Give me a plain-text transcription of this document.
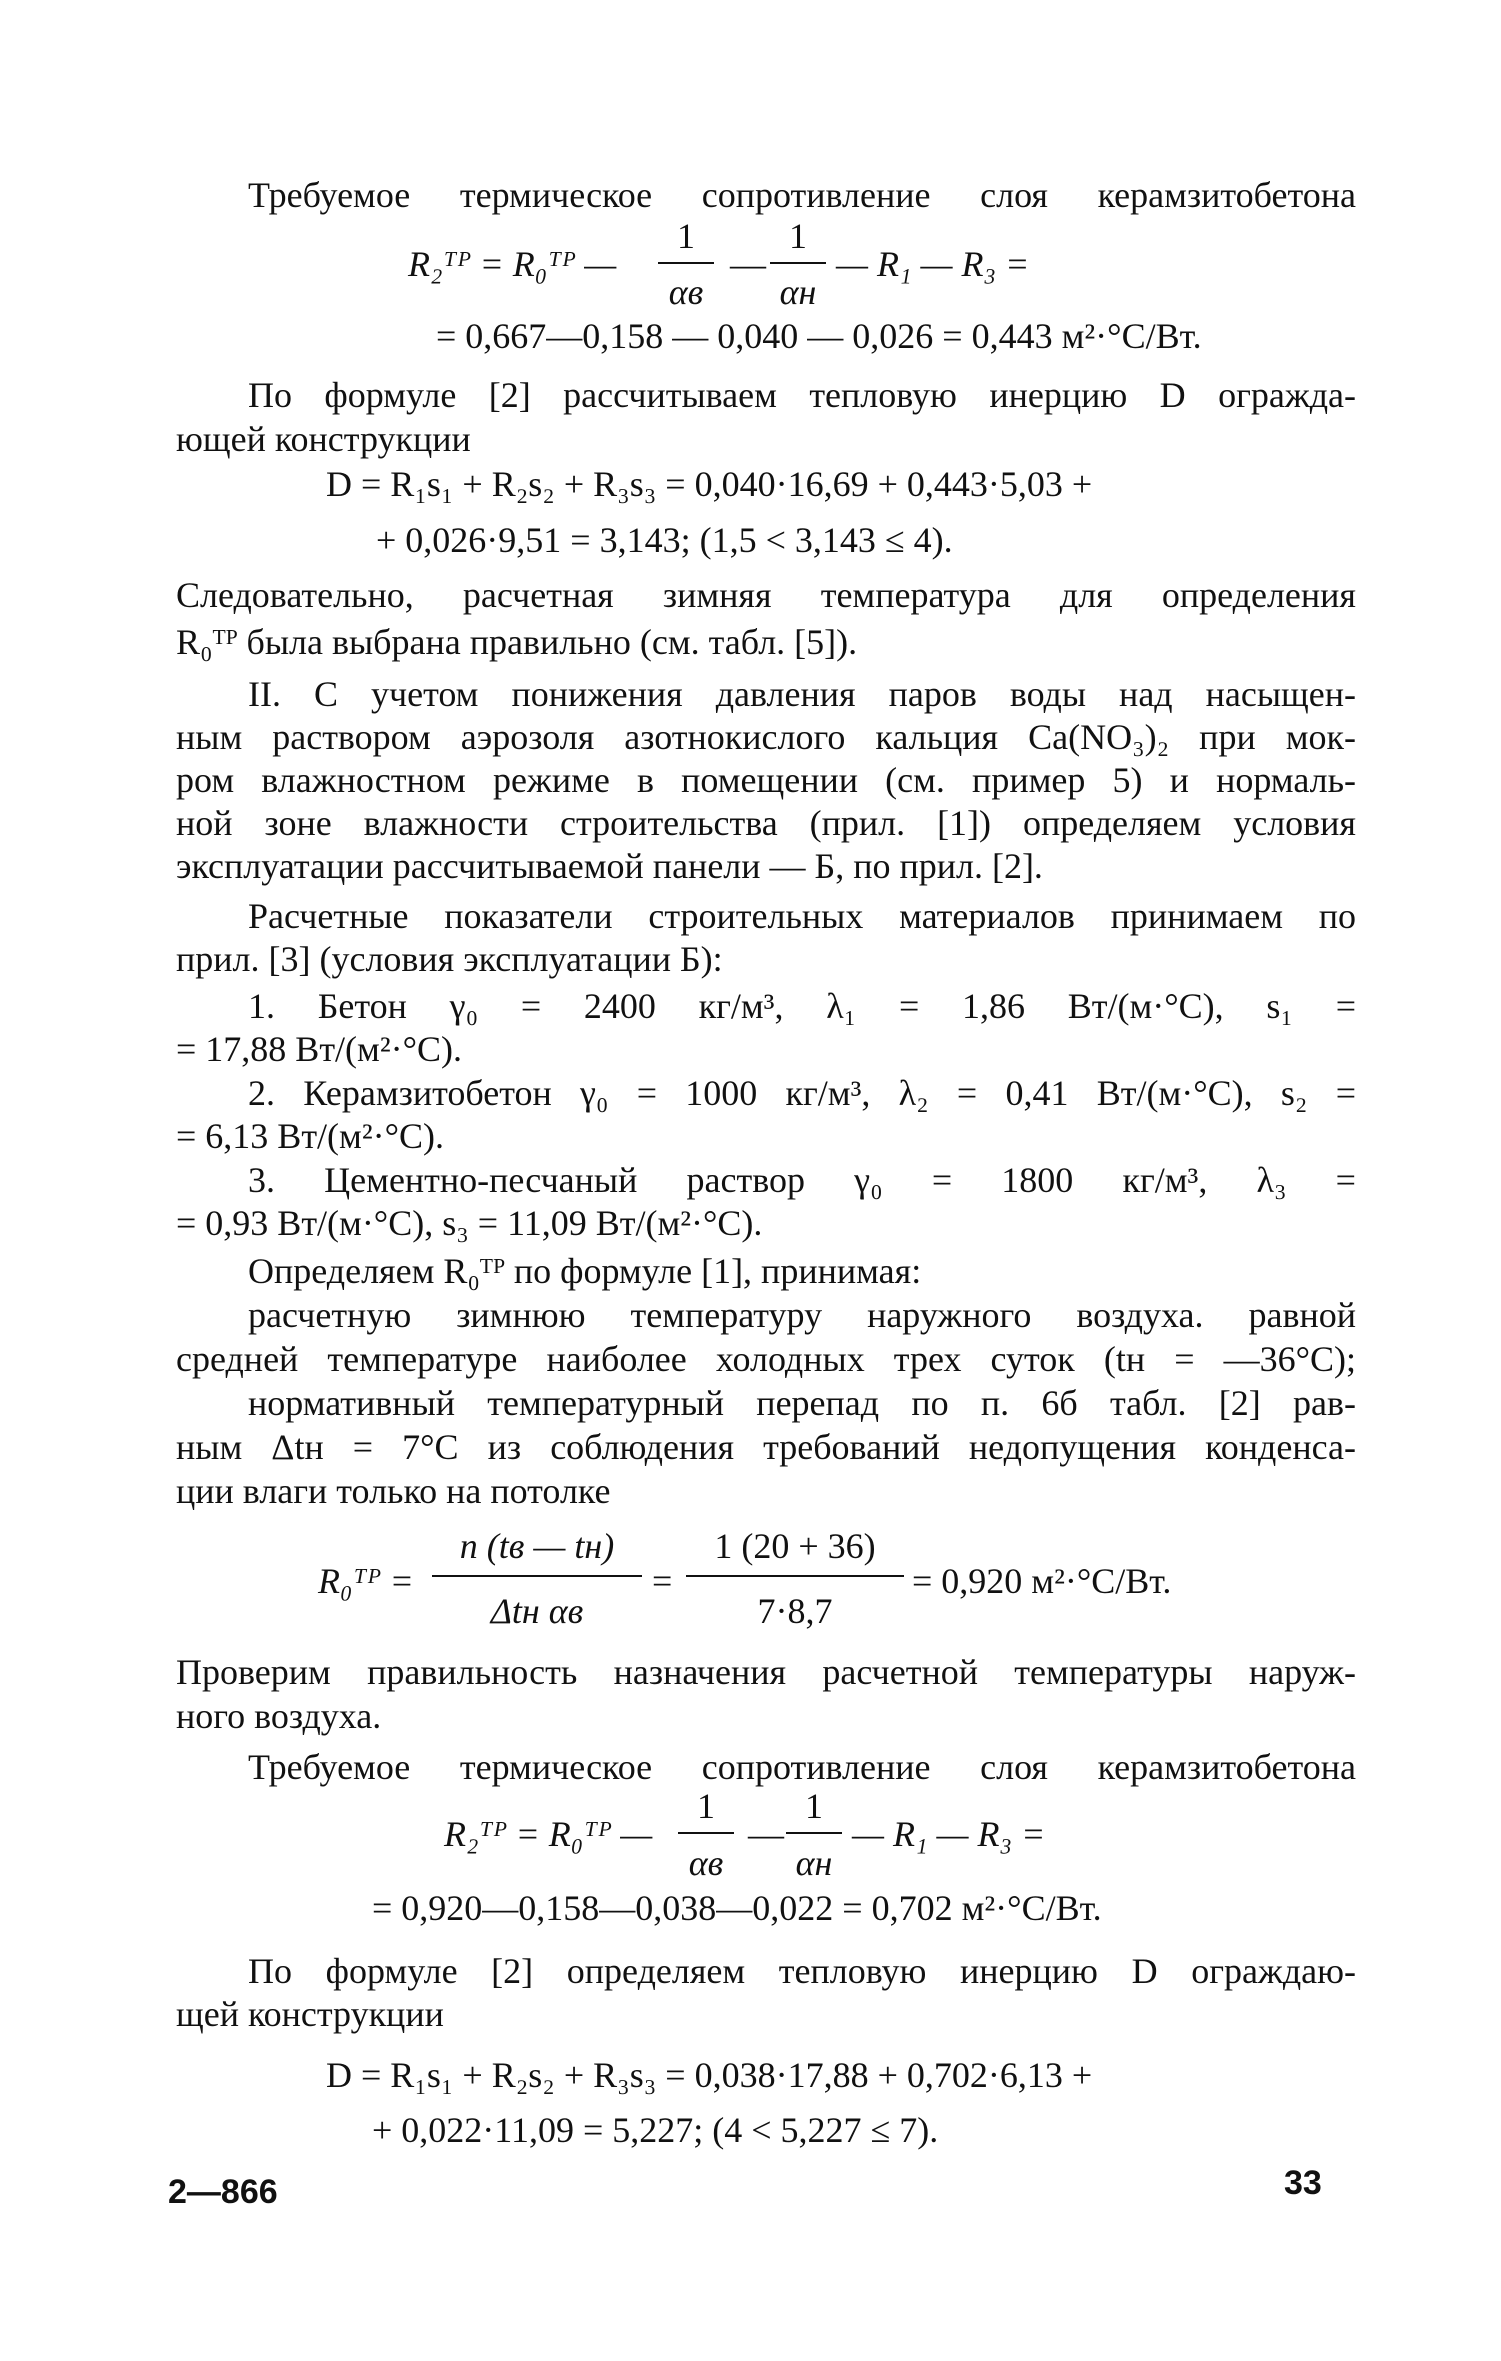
Требуемое термическое сопротивление слоя керамзитобетона
R₂ᵀᴾ = R₀ᵀᴾ —
1
αв
—
1
αн
— R₁ — R₃ =
= 0,667—0,158 — 0,040 — 0,026 = 0,443 м²·°С/Вт.
По формуле [2] рассчитываем тепловую инерцию D огражда-
ющей конструкции
D = R₁s₁ + R₂s₂ + R₃s₃ = 0,040·16,69 + 0,443·5,03 +
+ 0,026·9,51 = 3,143; (1,5 < 3,143 ≤ 4).
Следовательно, расчетная зимняя температура для определения
R₀ᵀᴾ была выбрана правильно (см. табл. [5]).
II. С учетом понижения давления паров воды над насыщен-
ным раствором аэрозоля азотнокислого кальция Ca(NO₃)₂ при мок-
ром влажностном режиме в помещении (см. пример 5) и нормаль-
ной зоне влажности строительства (прил. [1]) определяем условия
эксплуатации рассчитываемой панели — Б, по прил. [2].
Расчетные показатели строительных материалов принимаем по
прил. [3] (условия эксплуатации Б):
1. Бетон γ₀ = 2400 кг/м³, λ₁ = 1,86 Вт/(м·°С), s₁ =
= 17,88 Вт/(м²·°С).
2. Керамзитобетон γ₀ = 1000 кг/м³, λ₂ = 0,41 Вт/(м·°С), s₂ =
= 6,13 Вт/(м²·°С).
3. Цементно-песчаный раствор γ₀ = 1800 кг/м³, λ₃ =
= 0,93 Вт/(м·°С), s₃ = 11,09 Вт/(м²·°С).
Определяем R₀ᵀᴾ по формуле [1], принимая:
расчетную зимнюю температуру наружного воздуха. равной
средней температуре наиболее холодных трех суток (tн = —36°С);
нормативный температурный перепад по п. 6б табл. [2] рав-
ным Δtн = 7°С из соблюдения требований недопущения конденса-
ции влаги только на потолке
R₀ᵀᴾ =
n (tв — tн)
Δtн αв
=
1 (20 + 36)
7·8,7
= 0,920 м²·°С/Вт.
Проверим правильность назначения расчетной температуры наруж-
ного воздуха.
Требуемое термическое сопротивление слоя керамзитобетона
R₂ᵀᴾ = R₀ᵀᴾ —
1
αв
—
1
αн
— R₁ — R₃ =
= 0,920—0,158—0,038—0,022 = 0,702 м²·°С/Вт.
По формуле [2] определяем тепловую инерцию D ограждаю-
щей конструкции
D = R₁s₁ + R₂s₂ + R₃s₃ = 0,038·17,88 + 0,702·6,13 +
+ 0,022·11,09 = 5,227; (4 < 5,227 ≤ 7).
2—866	33
